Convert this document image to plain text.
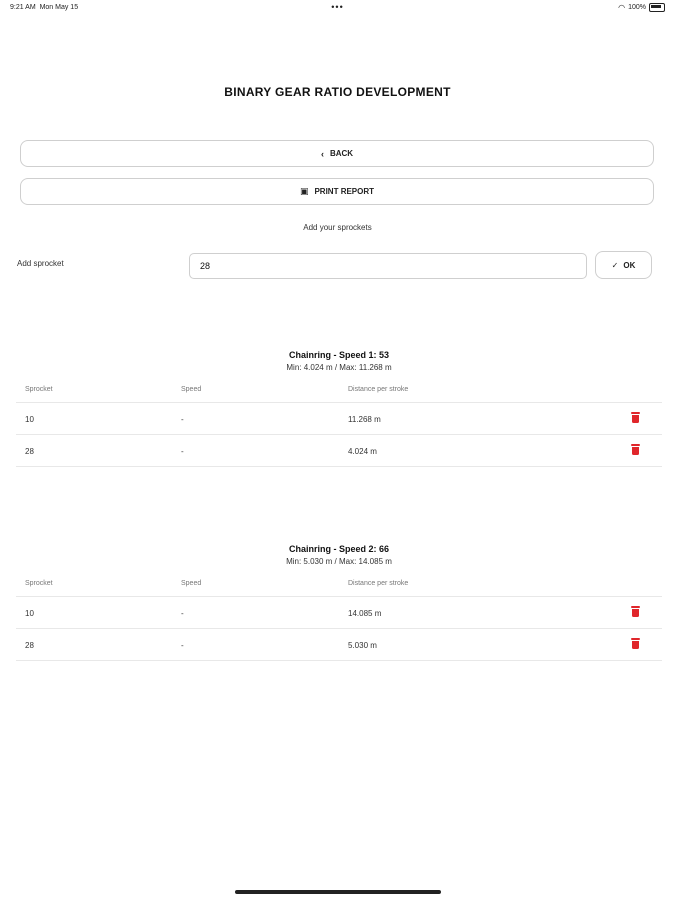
9:21 AM Mon May 15	•••	◠ 100%
BINARY GEAR RATIO DEVELOPMENT
‹ BACK
▣ PRINT REPORT
Add your sprockets
Add sprocket	28	✓ OK
Chainring - Speed 1: 53
Min: 4.024 m / Max: 11.268 m
Sprocket	Speed	Distance per stroke
10	-	11.268 m
28	-	4.024 m
Chainring - Speed 2: 66
Min: 5.030 m / Max: 14.085 m
Sprocket	Speed	Distance per stroke
10	-	14.085 m
28	-	5.030 m
